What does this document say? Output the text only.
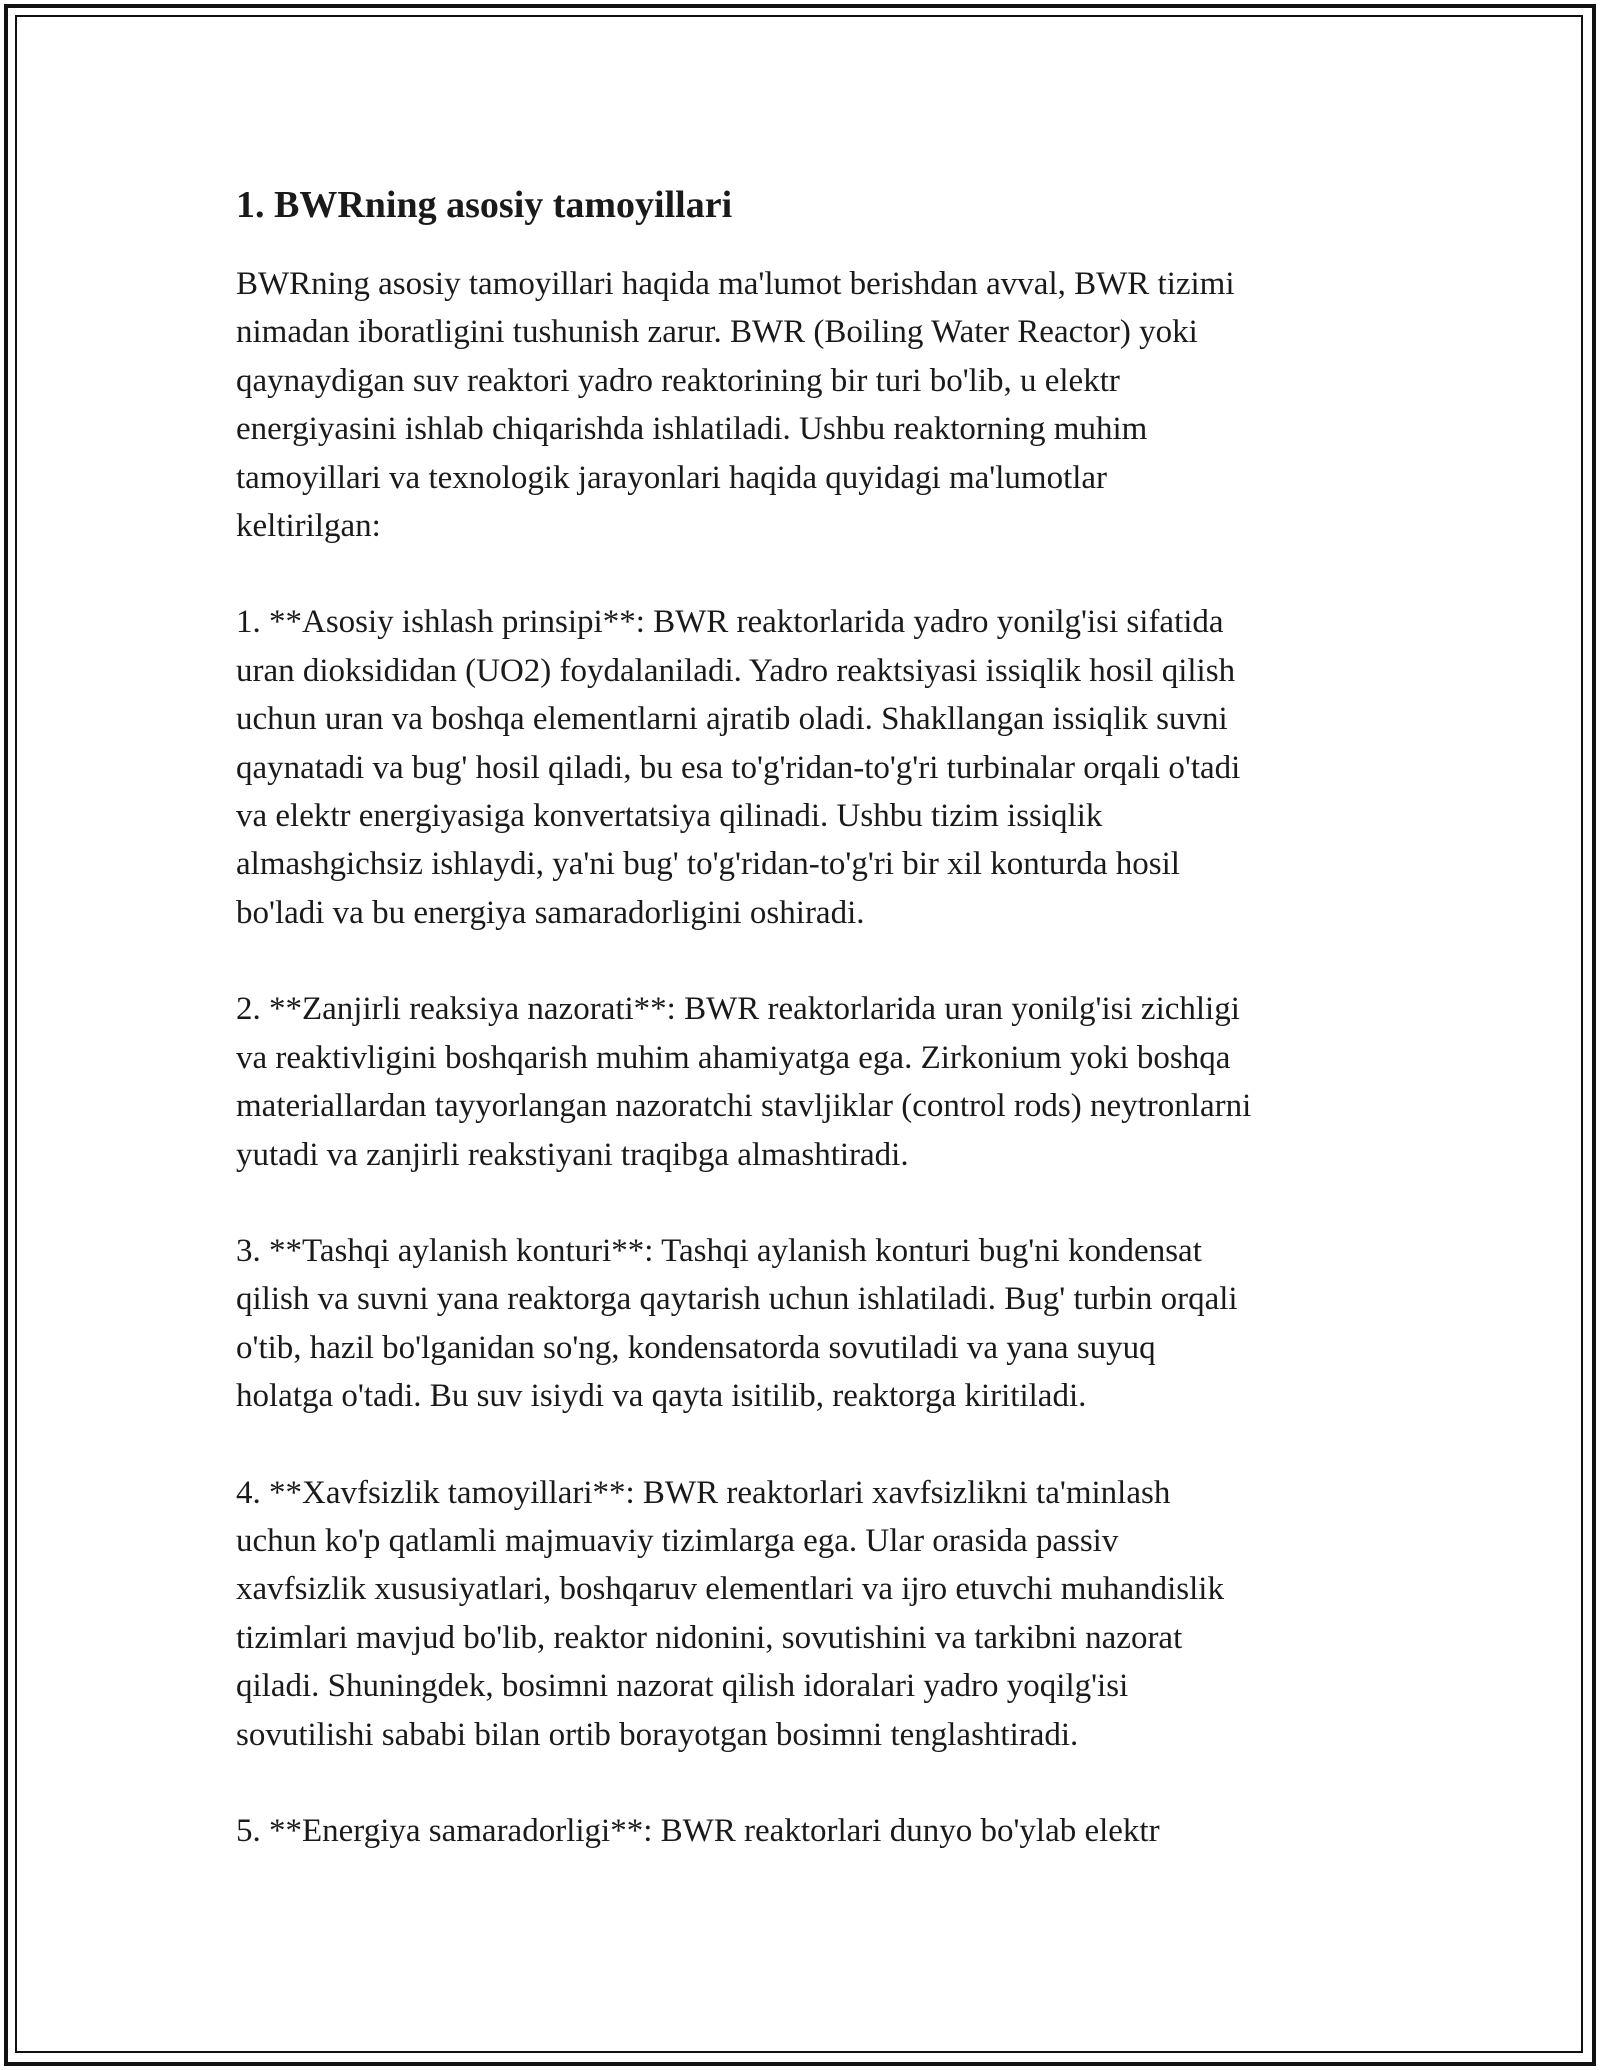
1. BWRning asosiy tamoyillari

BWRning asosiy tamoyillari haqida ma'lumot berishdan avval, BWR tizimi
nimadan iboratligini tushunish zarur. BWR (Boiling Water Reactor) yoki
qaynaydigan suv reaktori yadro reaktorining bir turi bo'lib, u elektr
energiyasini ishlab chiqarishda ishlatiladi. Ushbu reaktorning muhim
tamoyillari va texnologik jarayonlari haqida quyidagi ma'lumotlar
keltirilgan:

1. **Asosiy ishlash prinsipi**: BWR reaktorlarida yadro yonilg'isi sifatida
uran dioksididan (UO2) foydalaniladi. Yadro reaktsiyasi issiqlik hosil qilish
uchun uran va boshqa elementlarni ajratib oladi. Shakllangan issiqlik suvni
qaynatadi va bug' hosil qiladi, bu esa to'g'ridan-to'g'ri turbinalar orqali o'tadi
va elektr energiyasiga konvertatsiya qilinadi. Ushbu tizim issiqlik
almashgichsiz ishlaydi, ya'ni bug' to'g'ridan-to'g'ri bir xil konturda hosil
bo'ladi va bu energiya samaradorligini oshiradi.

2. **Zanjirli reaksiya nazorati**: BWR reaktorlarida uran yonilg'isi zichligi
va reaktivligini boshqarish muhim ahamiyatga ega. Zirkonium yoki boshqa
materiallardan tayyorlangan nazoratchi stavljiklar (control rods) neytronlarni
yutadi va zanjirli reakstiyani traqibga almashtiradi.

3. **Tashqi aylanish konturi**: Tashqi aylanish konturi bug'ni kondensat
qilish va suvni yana reaktorga qaytarish uchun ishlatiladi. Bug' turbin orqali
o'tib, hazil bo'lganidan so'ng, kondensatorda sovutiladi va yana suyuq
holatga o'tadi. Bu suv isiydi va qayta isitilib, reaktorga kiritiladi.

4. **Xavfsizlik tamoyillari**: BWR reaktorlari xavfsizlikni ta'minlash
uchun ko'p qatlamli majmuaviy tizimlarga ega. Ular orasida passiv
xavfsizlik xususiyatlari, boshqaruv elementlari va ijro etuvchi muhandislik
tizimlari mavjud bo'lib, reaktor nidonini, sovutishini va tarkibni nazorat
qiladi. Shuningdek, bosimni nazorat qilish idoralari yadro yoqilg'isi
sovutilishi sababi bilan ortib borayotgan bosimni tenglashtiradi.

5. **Energiya samaradorligi**: BWR reaktorlari dunyo bo'ylab elektr
